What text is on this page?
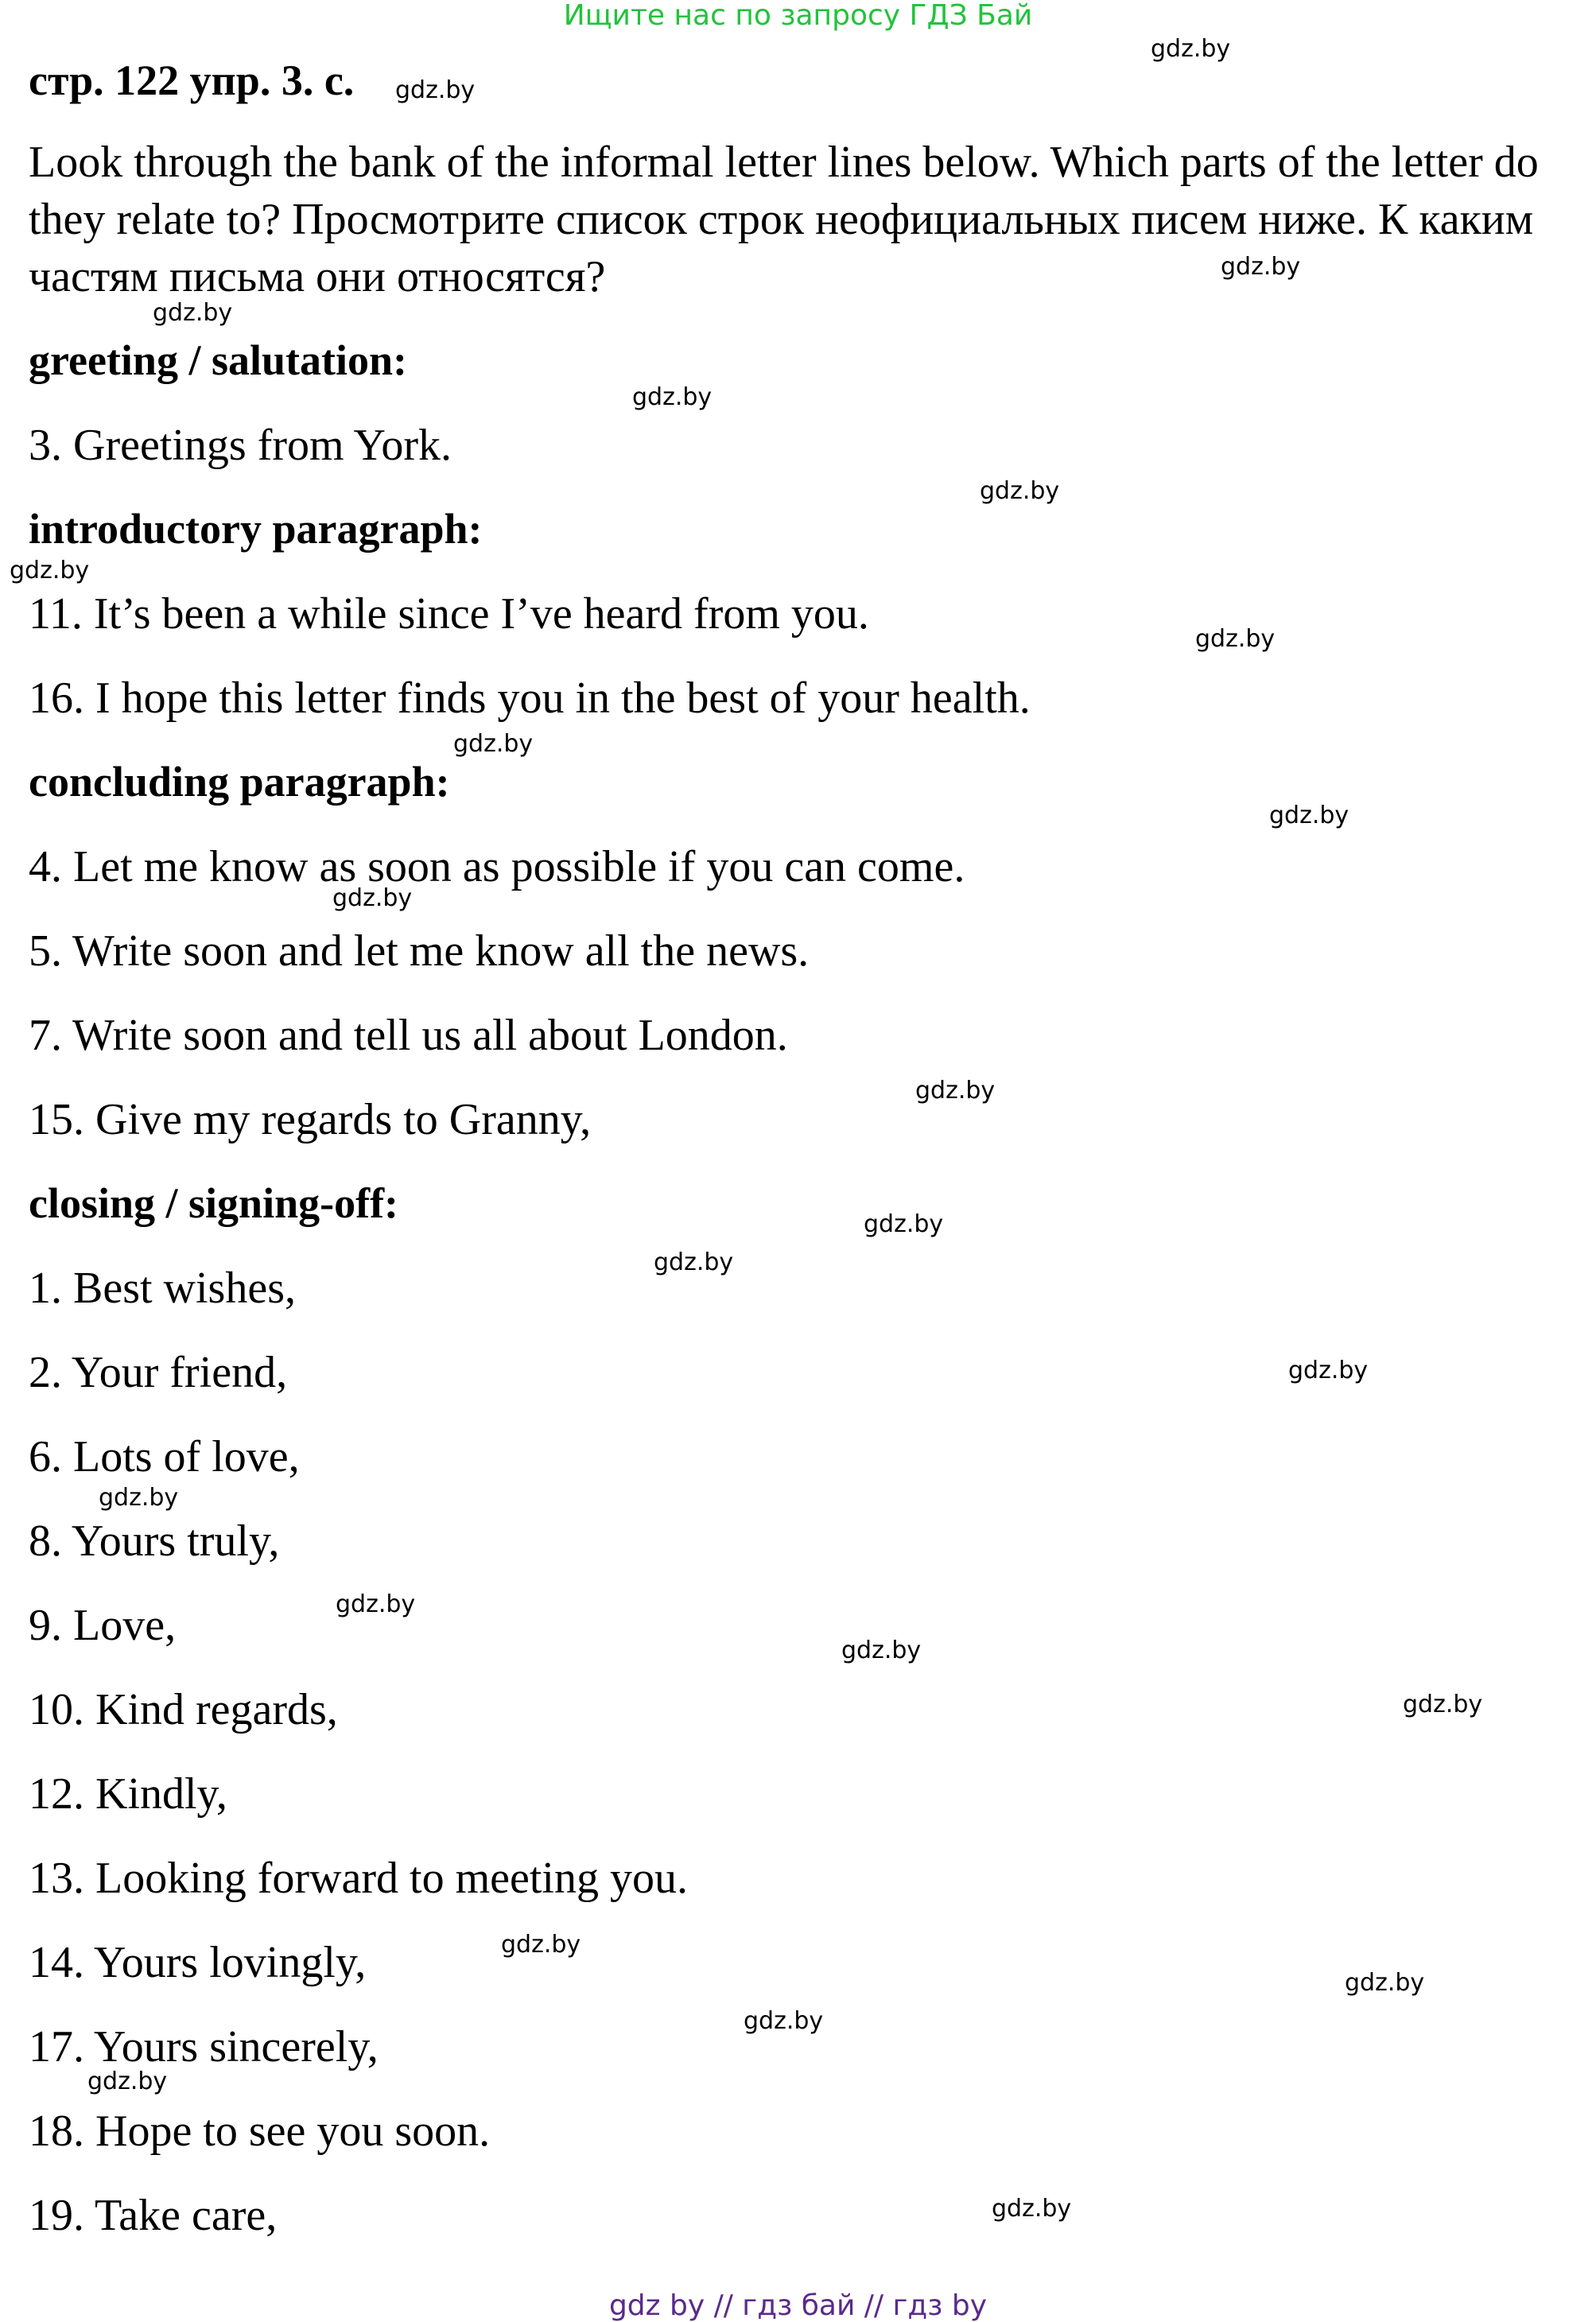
Ищите нас по запросу ГДЗ Бай
стр. 122 упр. 3. c.
Look through the bank of the informal letter lines below. Which parts of the letter do they relate to? Просмотрите список строк неофициальных писем ниже. К каким частям письма они относятся?
greeting / salutation:
3. Greetings from York.
introductory paragraph:
11. It’s been a while since I’ve heard from you.
16. I hope this letter finds you in the best of your health.
concluding paragraph:
4. Let me know as soon as possible if you can come.
5. Write soon and let me know all the news.
7. Write soon and tell us all about London.
15. Give my regards to Granny,
closing / signing-off:
1. Best wishes,
2. Your friend,
6. Lots of love,
8. Yours truly,
9. Love,
10. Kind regards,
12. Kindly,
13. Looking forward to meeting you.
14. Yours lovingly,
17. Yours sincerely,
18. Hope to see you soon.
19. Take care,
gdz.by
gdz.by
gdz.by
gdz.by
gdz.by
gdz.by
gdz.by
gdz.by
gdz.by
gdz.by
gdz.by
gdz.by
gdz.by
gdz.by
gdz.by
gdz.by
gdz.by
gdz.by
gdz.by
gdz.by
gdz.by
gdz.by
gdz.by
gdz.by
gdz by // гдз бай // гдз by
